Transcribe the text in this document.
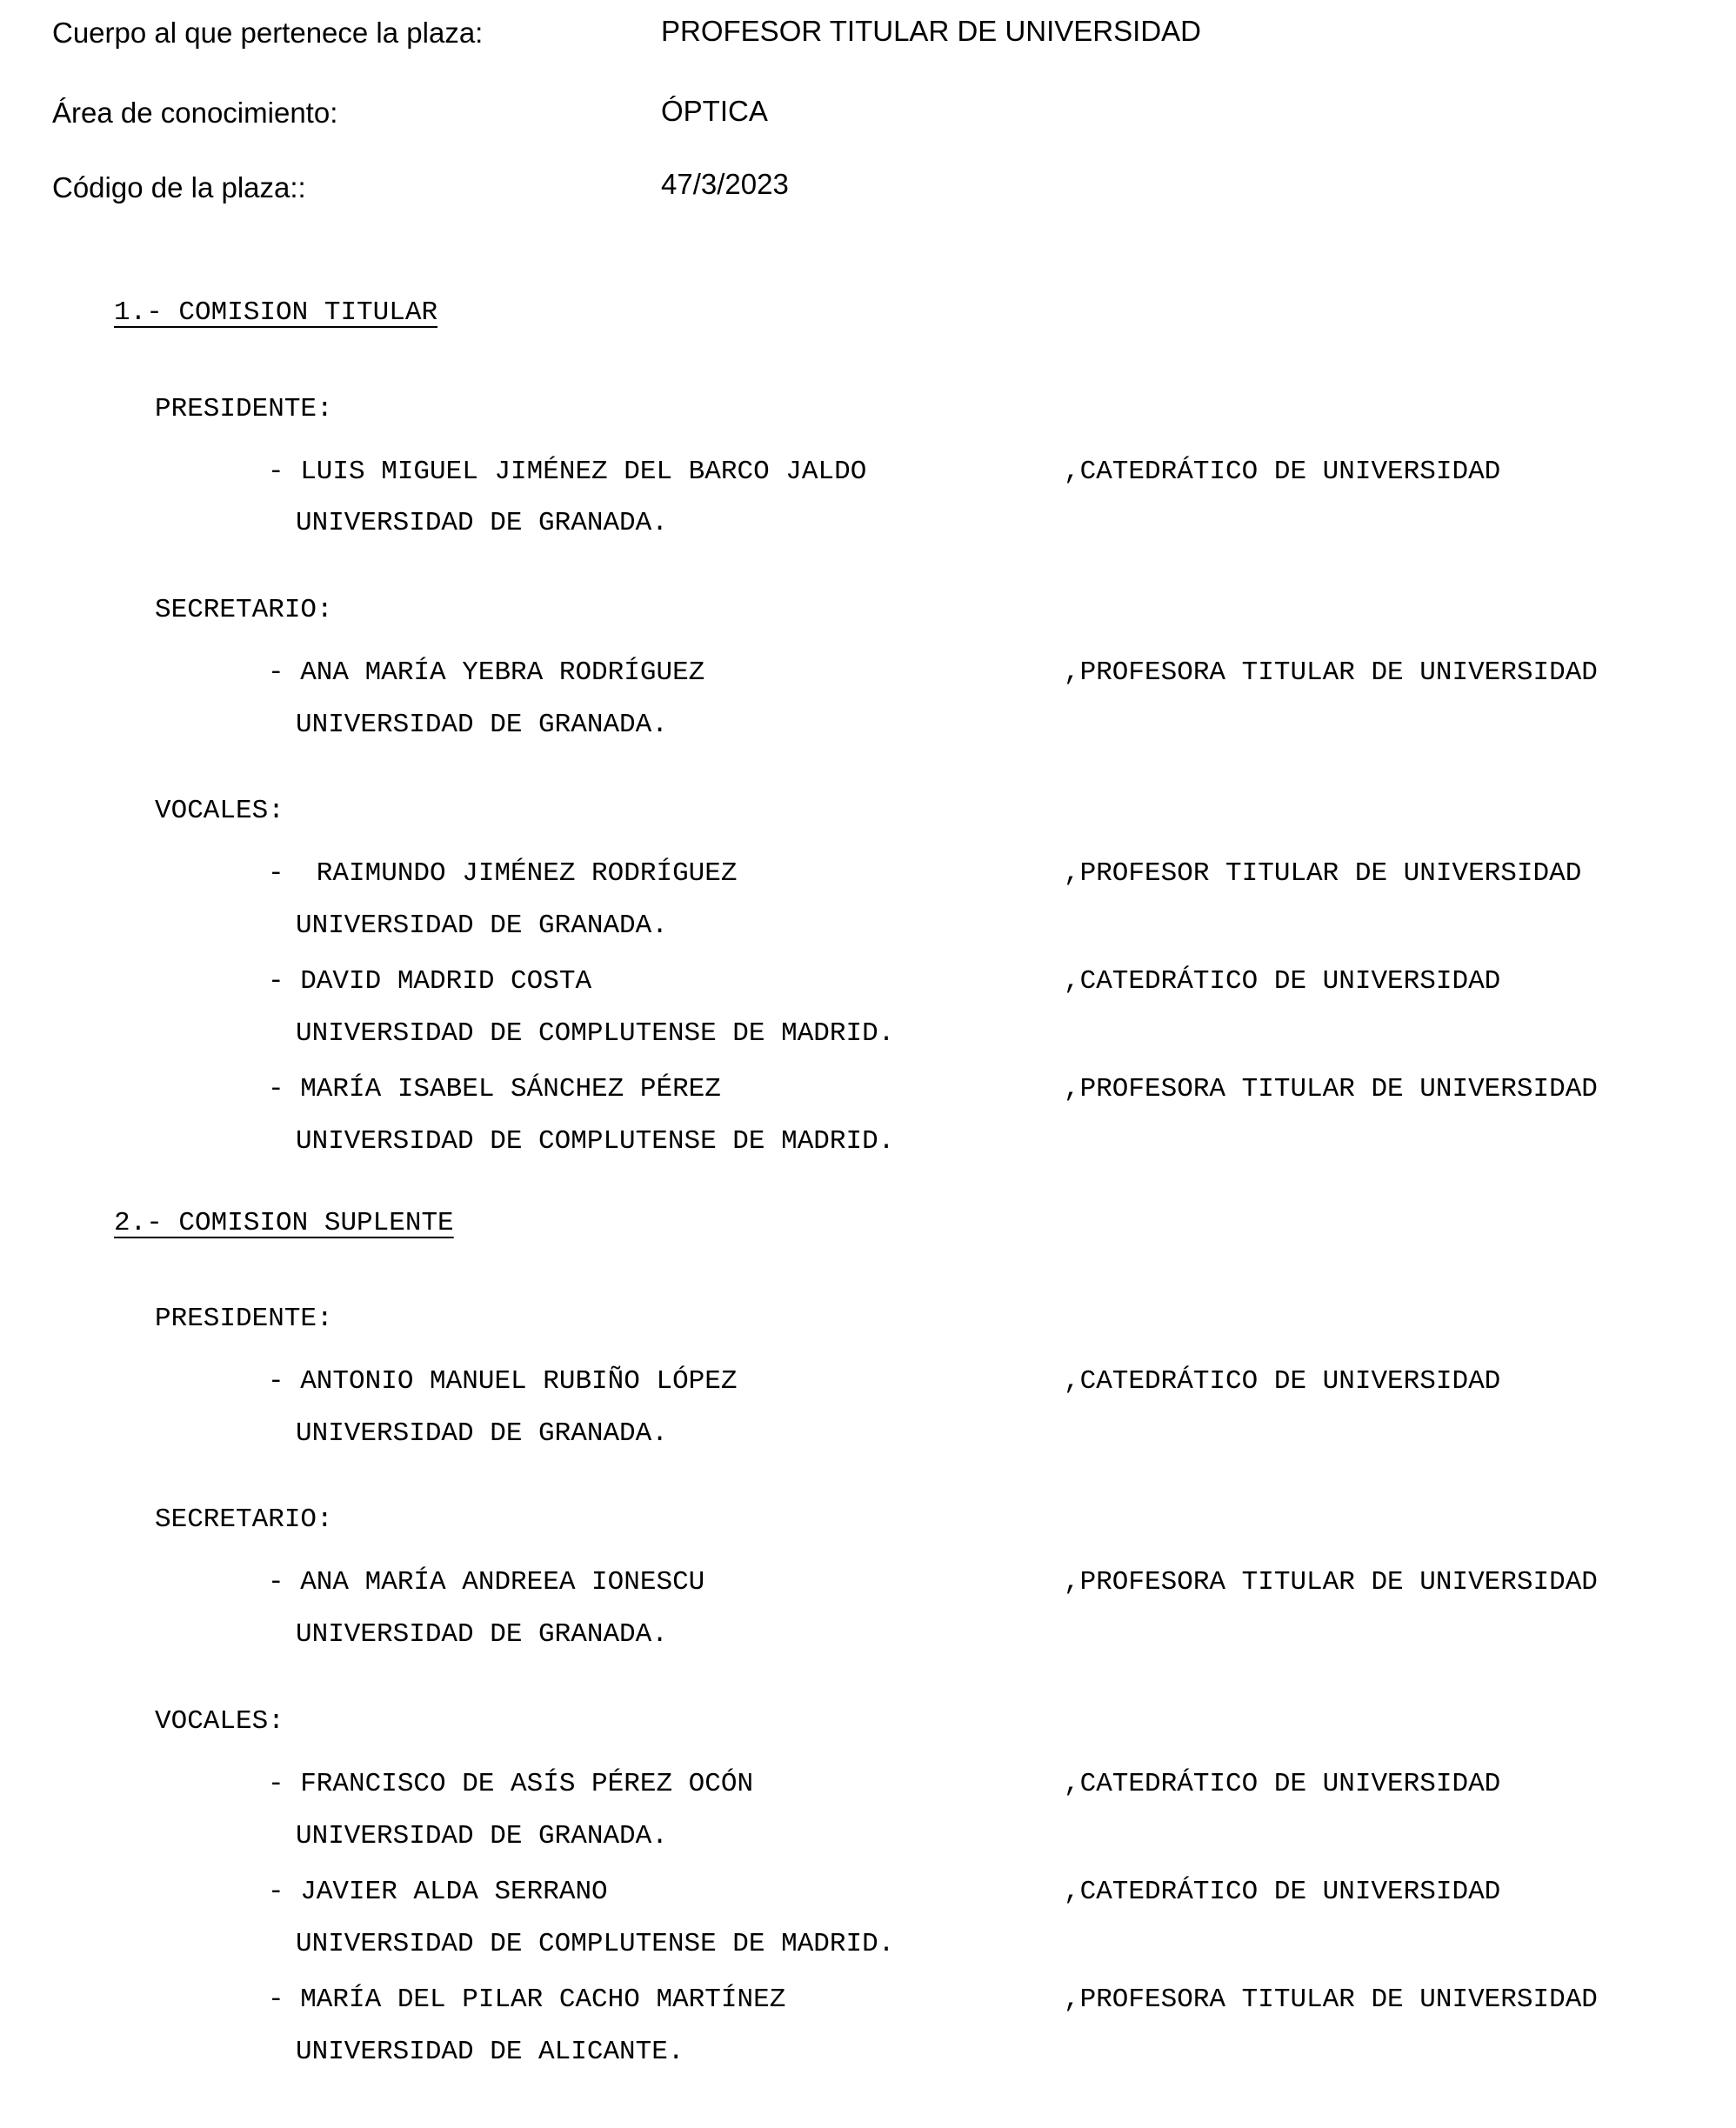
Cuerpo al que pertenece la plaza:	PROFESOR TITULAR DE UNIVERSIDAD
Área de conocimiento:	ÓPTICA
Código de la plaza::	47/3/2023
1.- COMISION TITULAR
PRESIDENTE:
- LUIS MIGUEL JIMÉNEZ DEL BARCO JALDO	,CATEDRÁTICO DE UNIVERSIDAD
UNIVERSIDAD DE GRANADA.
SECRETARIO:
- ANA MARÍA YEBRA RODRÍGUEZ	,PROFESORA TITULAR DE UNIVERSIDAD
UNIVERSIDAD DE GRANADA.
VOCALES:
-  RAIMUNDO JIMÉNEZ RODRÍGUEZ	,PROFESOR TITULAR DE UNIVERSIDAD
UNIVERSIDAD DE GRANADA.
- DAVID MADRID COSTA	,CATEDRÁTICO DE UNIVERSIDAD
UNIVERSIDAD DE COMPLUTENSE DE MADRID.
- MARÍA ISABEL SÁNCHEZ PÉREZ	,PROFESORA TITULAR DE UNIVERSIDAD
UNIVERSIDAD DE COMPLUTENSE DE MADRID.
2.- COMISION SUPLENTE
PRESIDENTE:
- ANTONIO MANUEL RUBIÑO LÓPEZ	,CATEDRÁTICO DE UNIVERSIDAD
UNIVERSIDAD DE GRANADA.
SECRETARIO:
- ANA MARÍA ANDREEA IONESCU	,PROFESORA TITULAR DE UNIVERSIDAD
UNIVERSIDAD DE GRANADA.
VOCALES:
- FRANCISCO DE ASÍS PÉREZ OCÓN	,CATEDRÁTICO DE UNIVERSIDAD
UNIVERSIDAD DE GRANADA.
- JAVIER ALDA SERRANO	,CATEDRÁTICO DE UNIVERSIDAD
UNIVERSIDAD DE COMPLUTENSE DE MADRID.
- MARÍA DEL PILAR CACHO MARTÍNEZ	,PROFESORA TITULAR DE UNIVERSIDAD
UNIVERSIDAD DE ALICANTE.
